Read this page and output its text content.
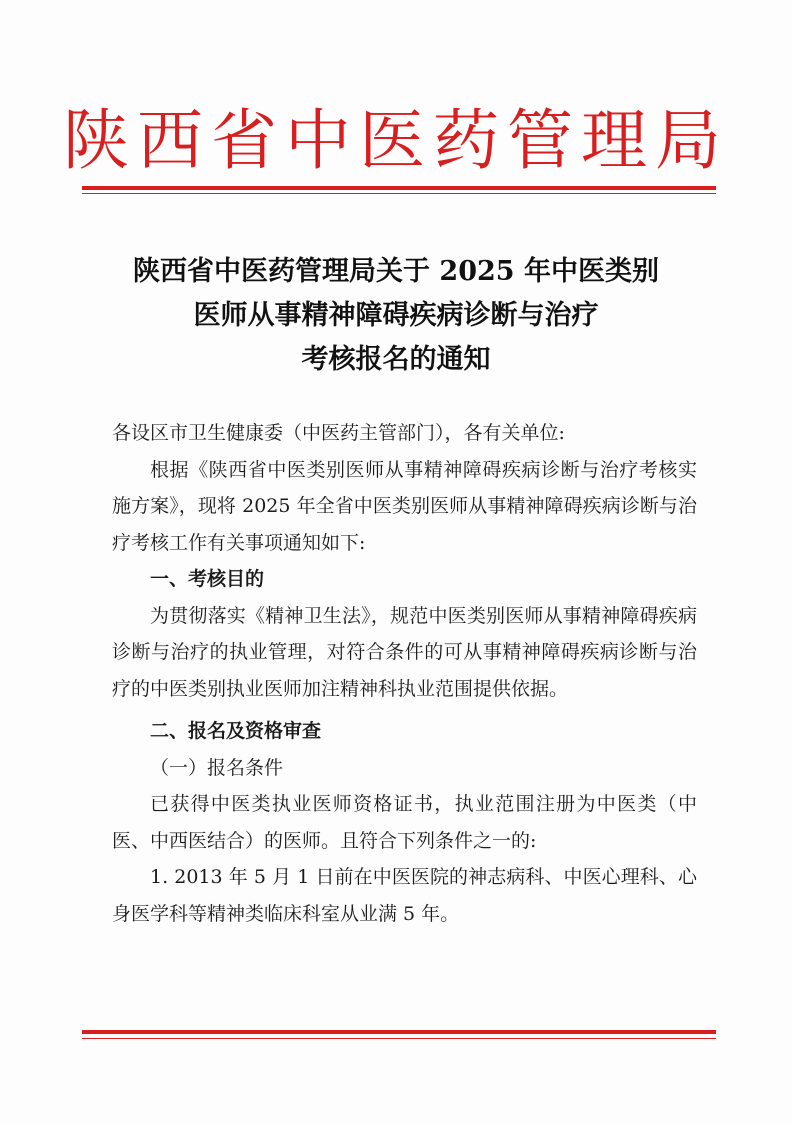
陕西省中医药管理局
陕西省中医药管理局关于 2025 年中医类别
医师从事精神障碍疾病诊断与治疗
考核报名的通知

各设区市卫生健康委（中医药主管部门），各有关单位:

根据《陕西省中医类别医师从事精神障碍疾病诊断与治疗考核实施方案》，现将 2025 年全省中医类别医师从事精神障碍疾病诊断与治疗考核工作有关事项通知如下:

一、考核目的

为贯彻落实《精神卫生法》，规范中医类别医师从事精神障碍疾病诊断与治疗的执业管理，对符合条件的可从事精神障碍疾病诊断与治疗的中医类别执业医师加注精神科执业范围提供依据。

二、报名及资格审查

（一）报名条件

已获得中医类执业医师资格证书，执业范围注册为中医类（中医、中西医结合）的医师。且符合下列条件之一的:

1. 2013 年 5 月 1 日前在中医医院的神志病科、中医心理科、心身医学科等精神类临床科室从业满 5 年。
